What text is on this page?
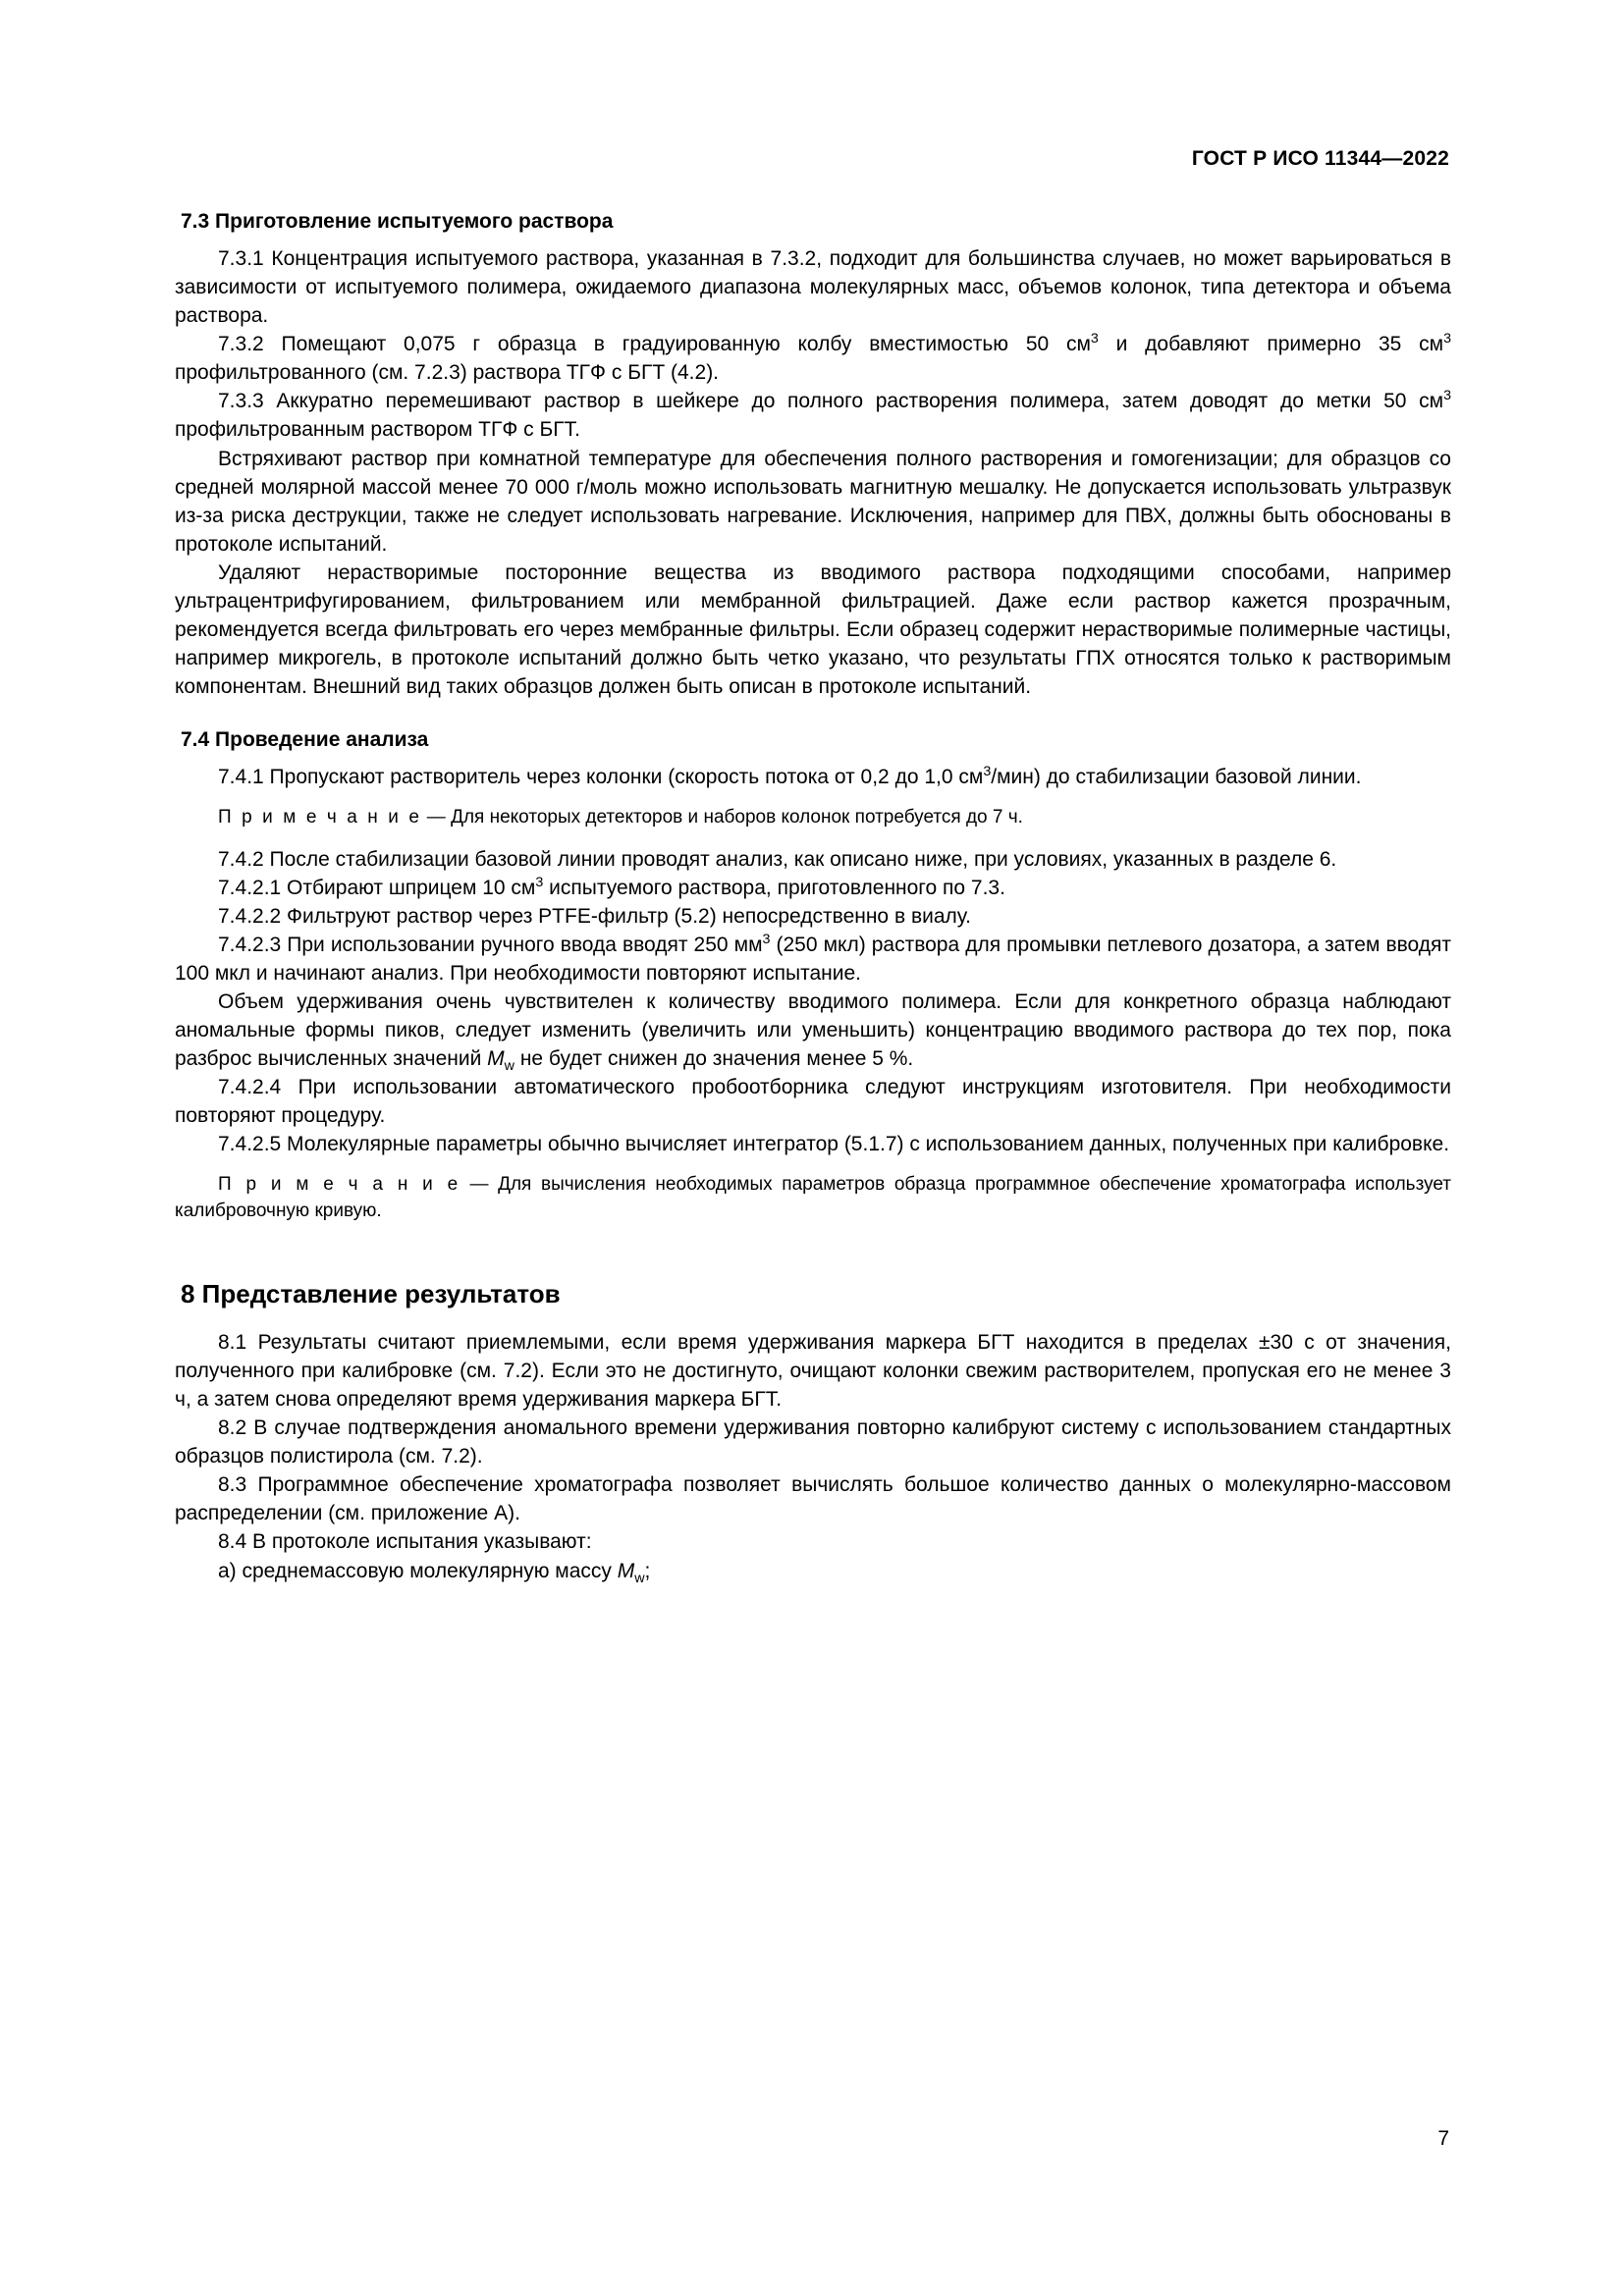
ГОСТ Р ИСО 11344—2022
7.3 Приготовление испытуемого раствора

7.3.1 Концентрация испытуемого раствора, указанная в 7.3.2, подходит для большинства случаев, но может варьироваться в зависимости от испытуемого полимера, ожидаемого диапазона молекулярных масс, объемов колонок, типа детектора и объема раствора.

7.3.2 Помещают 0,075 г образца в градуированную колбу вместимостью 50 $см^3$ и добавляют примерно 35 $см^3$ профильтрованного (см. 7.2.3) раствора ТГФ с БГТ (4.2).

7.3.3 Аккуратно перемешивают раствор в шейкере до полного растворения полимера, затем доводят до метки 50 $см^3$ профильтрованным раствором ТГФ с БГТ.

Встряхивают раствор при комнатной температуре для обеспечения полного растворения и гомогенизации; для образцов со средней молярной массой менее 70 000 г/моль можно использовать магнитную мешалку. Не допускается использовать ультразвук из-за риска деструкции, также не следует использовать нагревание. Исключения, например для ПВХ, должны быть обоснованы в протоколе испытаний.

Удаляют нерастворимые посторонние вещества из вводимого раствора подходящими способами, например ультрацентрифугированием, фильтрованием или мембранной фильтрацией. Даже если раствор кажется прозрачным, рекомендуется всегда фильтровать его через мембранные фильтры. Если образец содержит нерастворимые полимерные частицы, например микрогель, в протоколе испытаний должно быть четко указано, что результаты ГПХ относятся только к растворимым компонентам. Внешний вид таких образцов должен быть описан в протоколе испытаний.

7.4 Проведение анализа

7.4.1 Пропускают растворитель через колонки (скорость потока от 0,2 до 1,0 $см^3/мин$) до стабилизации базовой линии.

П р и м е ч а н и е — Для некоторых детекторов и наборов колонок потребуется до 7 ч.

7.4.2 После стабилизации базовой линии проводят анализ, как описано ниже, при условиях, указанных в разделе 6.

7.4.2.1 Отбирают шприцем 10 $см^3$ испытуемого раствора, приготовленного по 7.3.

7.4.2.2 Фильтруют раствор через PTFE-фильтр (5.2) непосредственно в виалу.

7.4.2.3 При использовании ручного ввода вводят 250 $мм^3$ (250 мкл) раствора для промывки петлевого дозатора, а затем вводят 100 мкл и начинают анализ. При необходимости повторяют испытание.

Объем удерживания очень чувствителен к количеству вводимого полимера. Если для конкретного образца наблюдают аномальные формы пиков, следует изменить (увеличить или уменьшить) концентрацию вводимого раствора до тех пор, пока разброс вычисленных значений $M_w$ не будет снижен до значения менее 5 %.

7.4.2.4 При использовании автоматического пробоотборника следуют инструкциям изготовителя. При необходимости повторяют процедуру.

7.4.2.5 Молекулярные параметры обычно вычисляет интегратор (5.1.7) с использованием данных, полученных при калибровке.

П р и м е ч а н и е — Для вычисления необходимых параметров образца программное обеспечение хроматографа использует калибровочную кривую.

8 Представление результатов

8.1 Результаты считают приемлемыми, если время удерживания маркера БГТ находится в пределах ±30 с от значения, полученного при калибровке (см. 7.2). Если это не достигнуто, очищают колонки свежим растворителем, пропуская его не менее 3 ч, а затем снова определяют время удерживания маркера БГТ.

8.2 В случае подтверждения аномального времени удерживания повторно калибруют систему с использованием стандартных образцов полистирола (см. 7.2).

8.3 Программное обеспечение хроматографа позволяет вычислять большое количество данных о молекулярно-массовом распределении (см. приложение А).

8.4 В протоколе испытания указывают:

а) среднемассовую молекулярную массу $M_w$;

7
